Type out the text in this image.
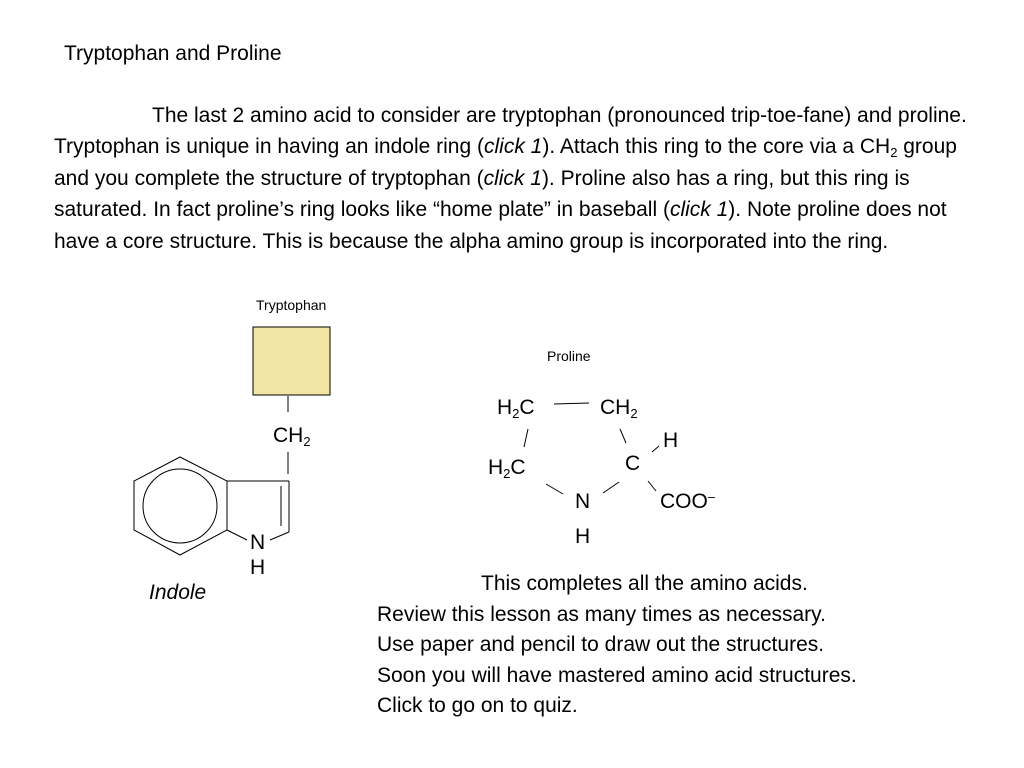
Tryptophan and Proline

The last 2 amino acid to consider are tryptophan (pronounced trip-toe-fane) and proline. Tryptophan is unique in having an indole ring (click 1). Attach this ring to the core via a $CH_2$ group and you complete the structure of tryptophan (click 1). Proline also has a ring, but this ring is saturated. In fact proline’s ring looks like “home plate” in baseball (click 1). Note proline does not have a core structure. This is because the alpha amino group is incorporated into the ring.

Tryptophan
$CH_2$
N
H
Indole
Proline
$H_2C$	$CH_2$
$H_2C$	C
H
N
H
COO–

This completes all the amino acids.

Review this lesson as many times as necessary.

Use paper and pencil to draw out the structures.

Soon you will have mastered amino acid structures.

Click to go on to quiz.
